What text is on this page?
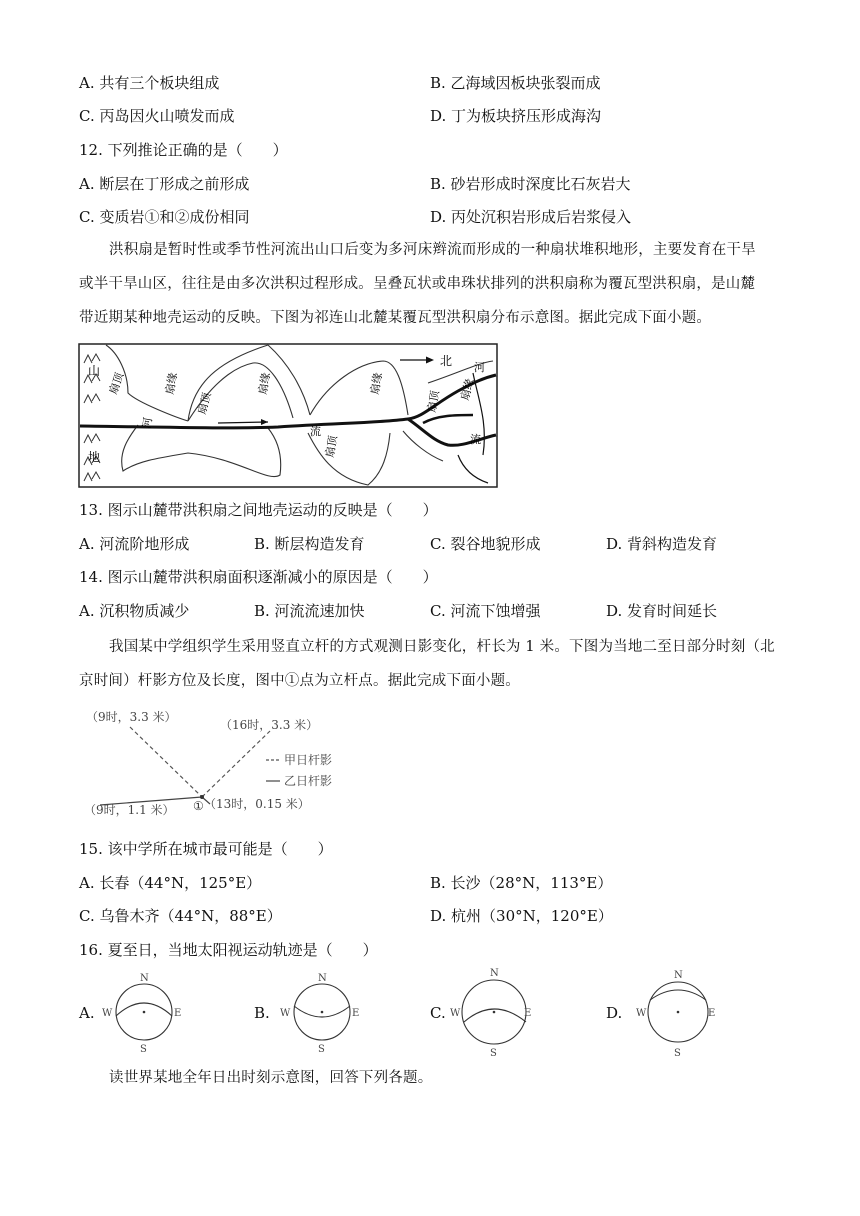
A. 共有三个板块组成	B. 乙海域因板块张裂而成
C. 丙岛因火山喷发而成	D. 丁为板块挤压形成海沟
12. 下列推论正确的是（　　）
A. 断层在丁形成之前形成	B. 砂岩形成时深度比石灰岩大
C. 变质岩①和②成份相同	D. 丙处沉积岩形成后岩浆侵入
洪积扇是暂时性或季节性河流出山口后变为多河床辫流而形成的一种扇状堆积地形，主要发育在干旱
或半干旱山区，往往是由多次洪积过程形成。呈叠瓦状或串珠状排列的洪积扇称为覆瓦型洪积扇，是山麓
带近期某种地壳运动的反映。下图为祁连山北麓某覆瓦型洪积扇分布示意图。据此完成下面小题。
山
地
北
扇顶	扇缘
扇顶
扇缘	扇缘
扇顶
扇顶 扇缘
河
流
河
流
13. 图示山麓带洪积扇之间地壳运动的反映是（　　）
A. 河流阶地形成	B. 断层构造发育	C. 裂谷地貌形成	D. 背斜构造发育
14. 图示山麓带洪积扇面积逐渐减小的原因是（　　）
A. 沉积物质减少	B. 河流流速加快	C. 河流下蚀增强	D. 发育时间延长
我国某中学组织学生采用竖直立杆的方式观测日影变化，杆长为 1 米。下图为当地二至日部分时刻（北
京时间）杆影方位及长度，图中①点为立杆点。据此完成下面小题。
（9时，3.3 米）
（16时，3.3 米）
（9时，1.1 米） ① （13时，0.15 米）
甲日杆影
乙日杆影
15. 该中学所在城市最可能是（　　）
A. 长春（44°N，125°E）	B. 长沙（28°N，113°E）
C. 乌鲁木齐（44°N，88°E）	D. 杭州（30°N，120°E）
16. 夏至日，当地太阳视运动轨迹是（　　）
A.
N
S
W	E	B.
N
S
W	E	C.
N
S
W	E	D.
N
S
W	E
读世界某地全年日出时刻示意图，回答下列各题。
